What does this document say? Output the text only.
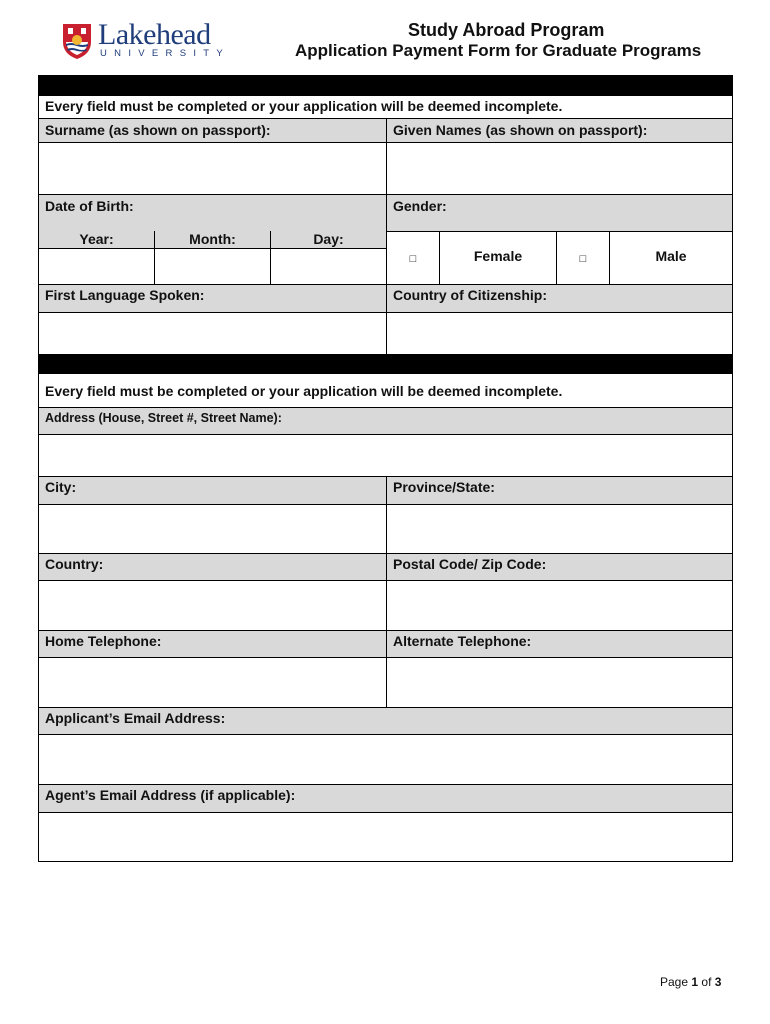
Lakehead
UNIVERSITY
Study Abroad Program
Application Payment Form for Graduate Programs
Every field must be completed or your application will be deemed incomplete.
Surname (as shown on passport):	Given Names (as shown on passport):
Date of Birth:	Gender:
Year:	Month:	Day:
□	Female	□	Male
First Language Spoken:	Country of Citizenship:
Every field must be completed or your application will be deemed incomplete.
Address (House, Street #, Street Name):
City:	Province/State:
Country:	Postal Code/ Zip Code:
Home Telephone:	Alternate Telephone:
Applicant’s Email Address:
Agent’s Email Address (if applicable):
Page 1 of 3
